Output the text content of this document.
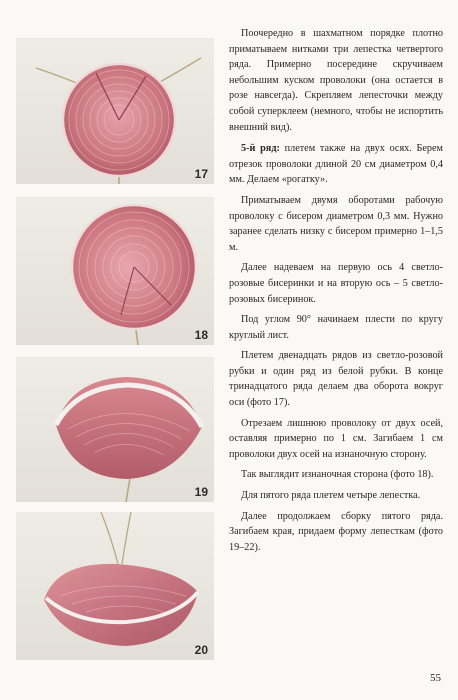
17
18
19
20

Поочередно в шахматном порядке плотно приматываем нитками три лепестка четвертого ряда. Примерно посередине скручиваем небольшим куском проволоки (она остается в розе навсегда). Скрепляем лепесточки между собой суперклеем (немного, чтобы не испортить внешний вид).

5-й ряд: плетем также на двух осях. Берем отрезок проволоки длиной 20 см диаметром 0,4 мм. Делаем «рогатку».

Приматываем двумя оборотами рабочую проволоку с бисером диаметром 0,3 мм. Нужно заранее сделать низку с бисером примерно 1–1,5 м.

Далее надеваем на первую ось 4 светло-розовые бисеринки и на вторую ось – 5 светло-розовых бисеринок.

Под углом 90° начинаем плести по кругу круглый лист.

Плетем двенадцать рядов из светло-розовой рубки и один ряд из белой рубки. В конце тринадцатого ряда делаем два оборота вокруг оси (фото 17).

Отрезаем лишнюю проволоку от двух осей, оставляя примерно по 1 см. Загибаем 1 см проволоки двух осей на изнаночную сторону.

Так выглядит изнаночная сторона (фото 18).

Для пятого ряда плетем четыре лепестка.

Далее продолжаем сборку пятого ряда. Загибаем края, придаем форму лепесткам (фото 19–22).

55
